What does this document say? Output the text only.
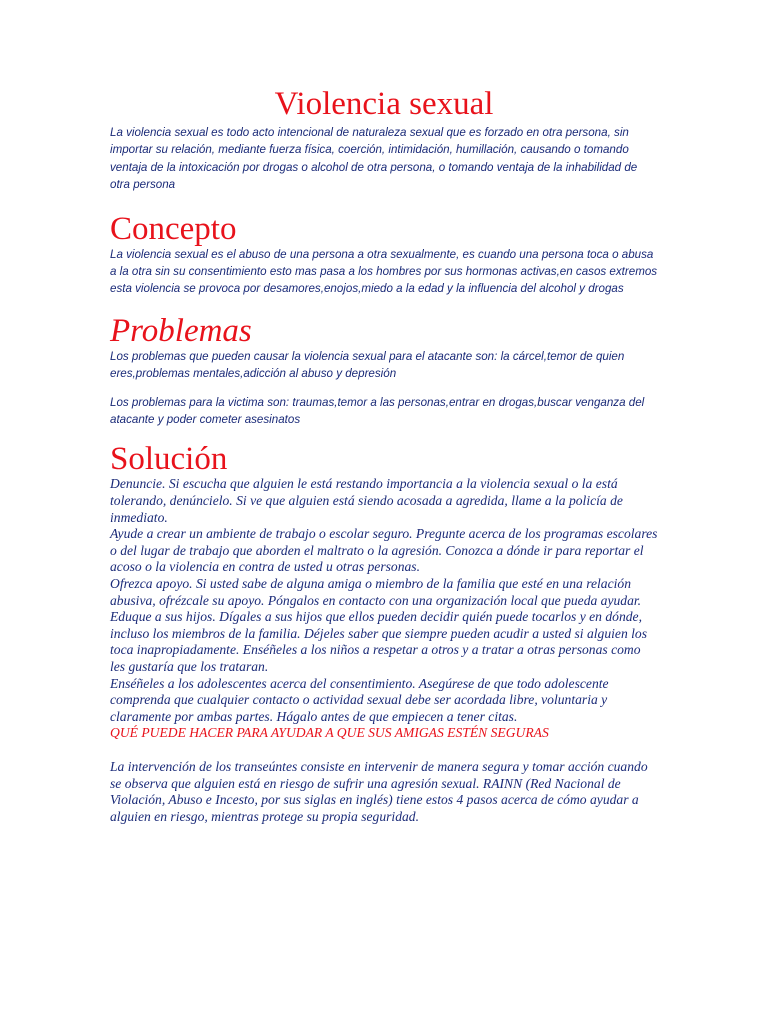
Violencia sexual

La violencia sexual es todo acto intencional de naturaleza sexual que es forzado en otra persona, sin importar su relación, mediante fuerza física, coerción, intimidación, humillación, causando o tomando ventaja de la intoxicación por drogas o alcohol de otra persona, o tomando ventaja de la inhabilidad de otra persona

Concepto

La violencia sexual es el abuso de una persona a otra sexualmente, es cuando una persona toca o abusa a la otra sin su consentimiento esto mas pasa a los hombres por sus hormonas activas,en casos extremos esta violencia se provoca por desamores,enojos,miedo a la edad y la influencia del alcohol y drogas

Problemas

Los problemas que pueden causar la violencia sexual para el atacante son: la cárcel,temor de quien eres,problemas mentales,adicción al abuso y depresión

Los problemas para la victima son: traumas,temor a las personas,entrar en drogas,buscar venganza del atacante y poder cometer asesinatos

Solución

Denuncie. Si escucha que alguien le está restando importancia a la violencia sexual o la está tolerando, denúncielo. Si ve que alguien está siendo acosada a agredida, llame a la policía de inmediato.

Ayude a crear un ambiente de trabajo o escolar seguro. Pregunte acerca de los programas escolares o del lugar de trabajo que aborden el maltrato o la agresión. Conozca a dónde ir para reportar el acoso o la violencia en contra de usted u otras personas.

Ofrezca apoyo. Si usted sabe de alguna amiga o miembro de la familia que esté en una relación abusiva, ofrézcale su apoyo. Póngalos en contacto con una organización local que pueda ayudar.

Eduque a sus hijos. Dígales a sus hijos que ellos pueden decidir quién puede tocarlos y en dónde, incluso los miembros de la familia. Déjeles saber que siempre pueden acudir a usted si alguien los toca inapropiadamente. Enséñeles a los niños a respetar a otros y a tratar a otras personas como les gustaría que los trataran.

Enséñeles a los adolescentes acerca del consentimiento. Asegúrese de que todo adolescente comprenda que cualquier contacto o actividad sexual debe ser acordada libre, voluntaria y claramente por ambas partes. Hágalo antes de que empiecen a tener citas.

QUÉ PUEDE HACER PARA AYUDAR A QUE SUS AMIGAS ESTÉN SEGURAS

La intervención de los transeúntes consiste en intervenir de manera segura y tomar acción cuando se observa que alguien está en riesgo de sufrir una agresión sexual. RAINN (Red Nacional de Violación, Abuso e Incesto, por sus siglas en inglés) tiene estos 4 pasos acerca de cómo ayudar a alguien en riesgo, mientras protege su propia seguridad.
